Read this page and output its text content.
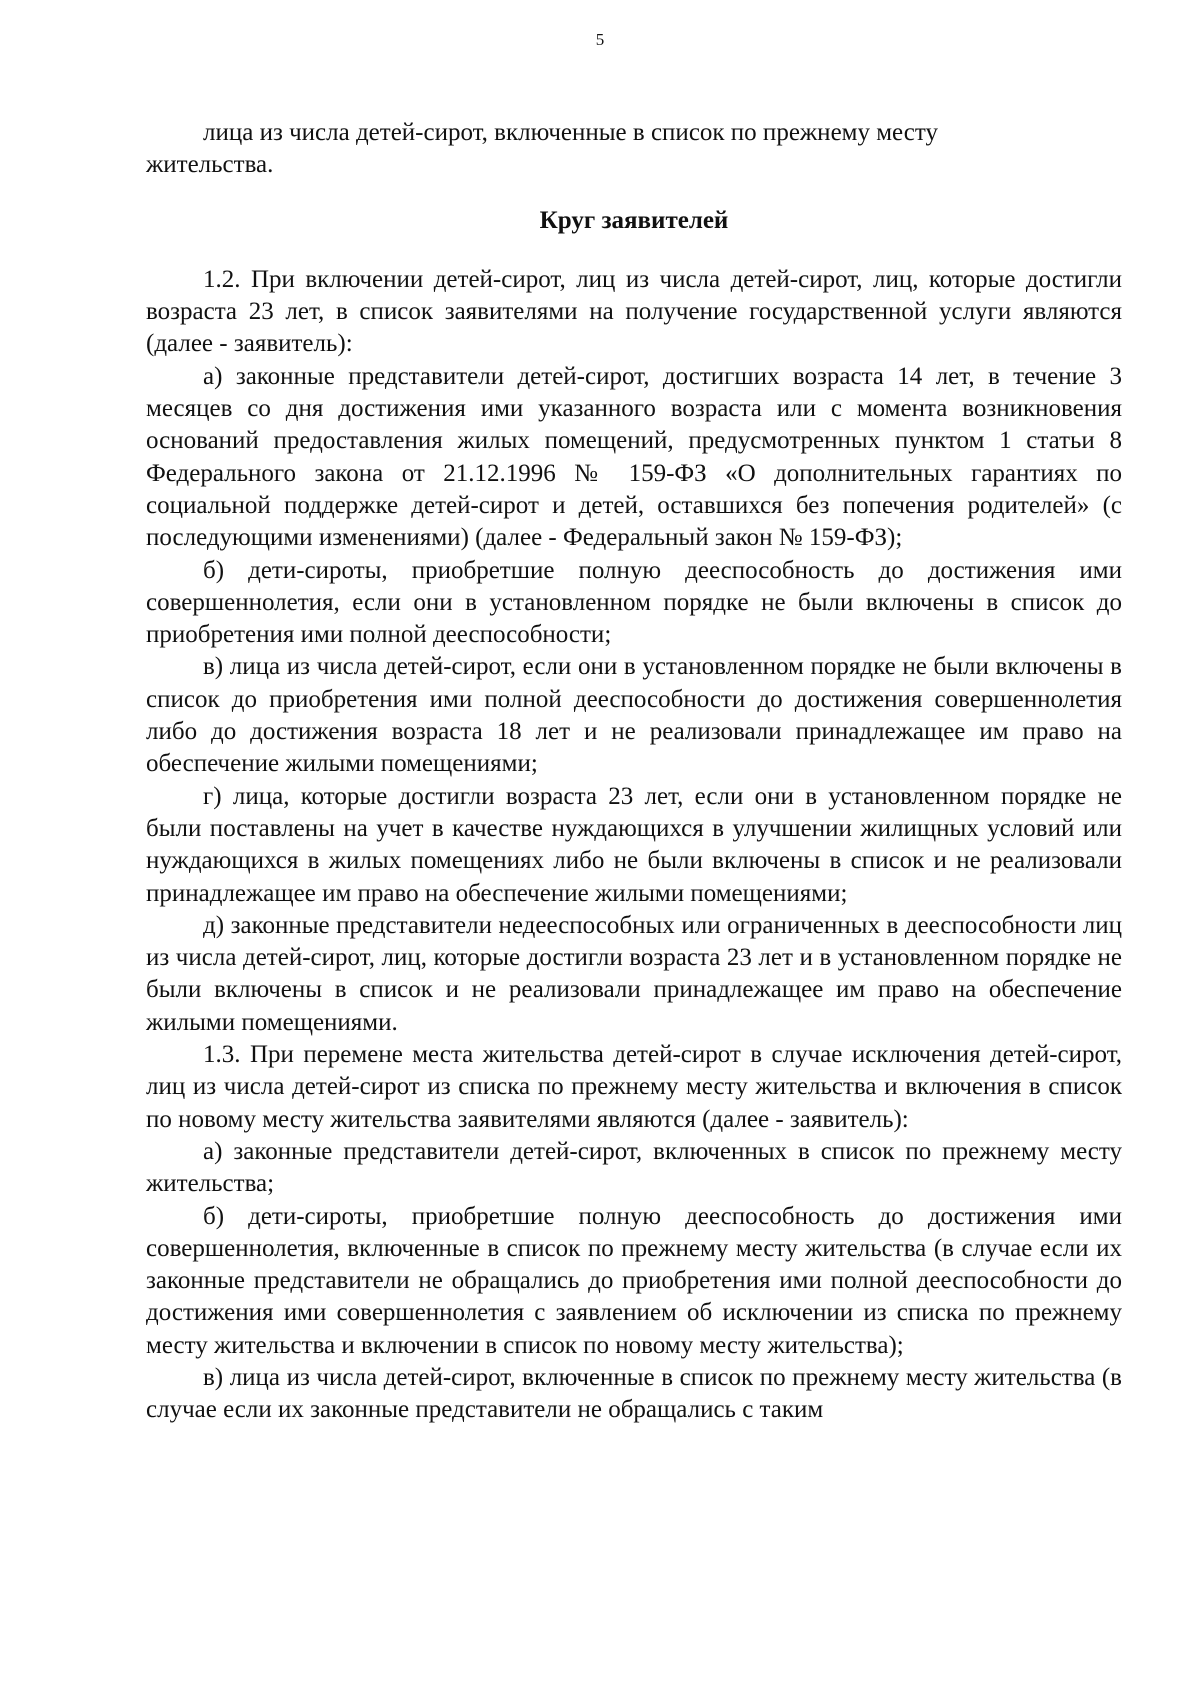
5

лица из числа детей-сирот, включенные в список по прежнему месту

жительства.

Круг заявителей

1.2. При включении детей-сирот, лиц из числа детей-сирот, лиц, которые достигли возраста 23 лет, в список заявителями на получение государственной услуги являются (далее - заявитель):

а) законные представители детей-сирот, достигших возраста 14 лет, в течение 3 месяцев со дня достижения ими указанного возраста или с момента возникновения оснований предоставления жилых помещений, предусмотренных пунктом 1 статьи 8 Федерального закона от 21.12.1996 № 159-ФЗ «О дополнительных гарантиях по социальной поддержке детей-сирот и детей, оставшихся без попечения родителей» (с последующими изменениями) (далее - Федеральный закон № 159-ФЗ);

б) дети-сироты, приобретшие полную дееспособность до достижения ими совершеннолетия, если они в установленном порядке не были включены в список до приобретения ими полной дееспособности;

в) лица из числа детей-сирот, если они в установленном порядке не были включены в список до приобретения ими полной дееспособности до достижения совершеннолетия либо до достижения возраста 18 лет и не реализовали принадлежащее им право на обеспечение жилыми помещениями;

г) лица, которые достигли возраста 23 лет, если они в установленном порядке не были поставлены на учет в качестве нуждающихся в улучшении жилищных условий или нуждающихся в жилых помещениях либо не были включены в список и не реализовали принадлежащее им право на обеспечение жилыми помещениями;

д) законные представители недееспособных или ограниченных в дееспособности лиц из числа детей-сирот, лиц, которые достигли возраста 23 лет и в установленном порядке не были включены в список и не реализовали принадлежащее им право на обеспечение жилыми помещениями.

1.3. При перемене места жительства детей-сирот в случае исключения детей-сирот, лиц из числа детей-сирот из списка по прежнему месту жительства и включения в список по новому месту жительства заявителями являются (далее - заявитель):

а) законные представители детей-сирот, включенных в список по прежнему месту жительства;

б) дети-сироты, приобретшие полную дееспособность до достижения ими совершеннолетия, включенные в список по прежнему месту жительства (в случае если их законные представители не обращались до приобретения ими полной дееспособности до достижения ими совершеннолетия с заявлением об исключении из списка по прежнему месту жительства и включении в список по новому месту жительства);

в) лица из числа детей-сирот, включенные в список по прежнему месту жительства (в случае если их законные представители не обращались с таким
